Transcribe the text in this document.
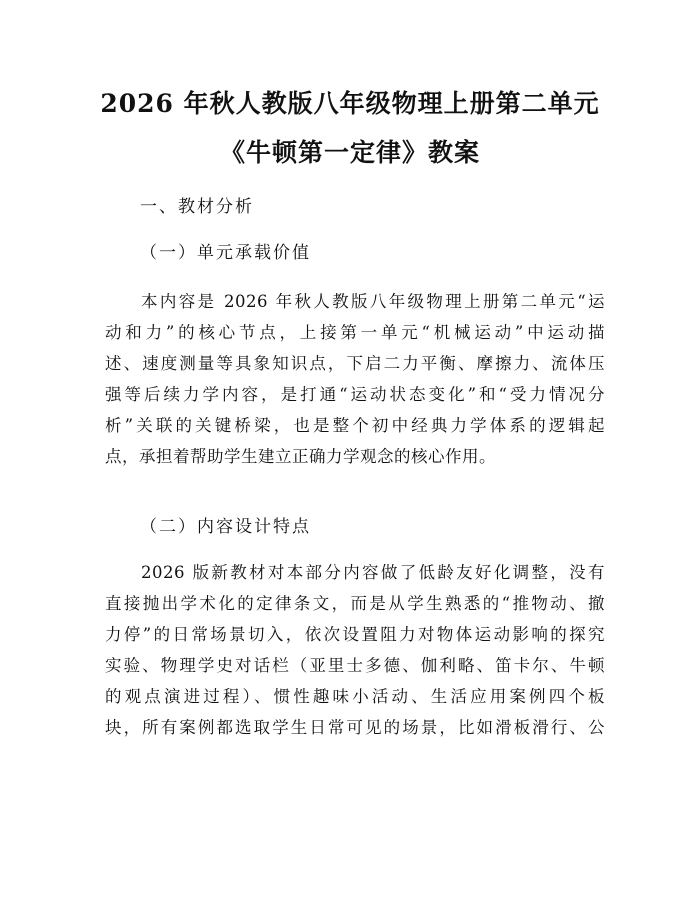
2026 年秋人教版八年级物理上册第二单元
《牛顿第一定律》教案
一、教材分析
（一）单元承载价值
本内容是 2026 年秋人教版八年级物理上册第二单元“运
动和力”的核心节点，上接第一单元“机械运动”中运动描
述、速度测量等具象知识点，下启二力平衡、摩擦力、流体压
强等后续力学内容，是打通“运动状态变化”和“受力情况分
析”关联的关键桥梁，也是整个初中经典力学体系的逻辑起
点，承担着帮助学生建立正确力学观念的核心作用。
（二）内容设计特点
2026 版新教材对本部分内容做了低龄友好化调整，没有
直接抛出学术化的定律条文，而是从学生熟悉的“推物动、撤
力停”的日常场景切入，依次设置阻力对物体运动影响的探究
实验、物理学史对话栏（亚里士多德、伽利略、笛卡尔、牛顿
的观点演进过程）、惯性趣味小活动、生活应用案例四个板
块，所有案例都选取学生日常可见的场景，比如滑板滑行、公
